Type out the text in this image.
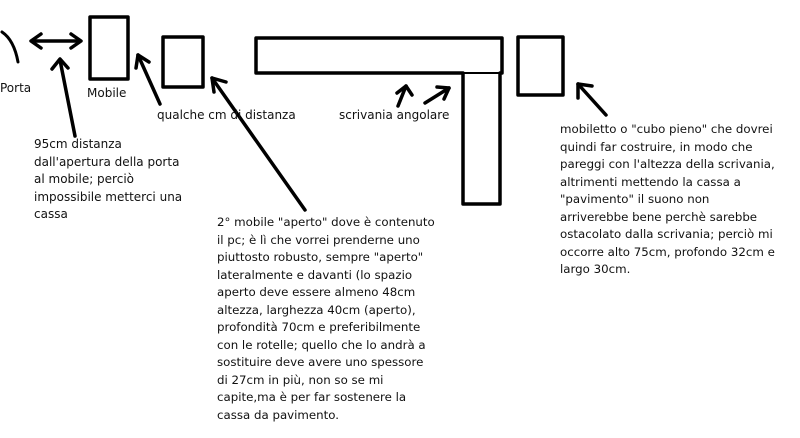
Porta	Mobile
qualche cm di distanza	scrivania angolare
95cm distanza
dall'apertura della porta
al mobile; perciò
impossibile metterci una
cassa
2° mobile "aperto" dove è contenuto
il pc; è lì che vorrei prenderne uno
piuttosto robusto, sempre "aperto"
lateralmente e davanti (lo spazio
aperto deve essere almeno 48cm
altezza, larghezza 40cm (aperto),
profondità 70cm e preferibilmente
con le rotelle; quello che lo andrà a
sostituire deve avere uno spessore
di 27cm in più, non so se mi
capite,ma è per far sostenere la
cassa da pavimento.
mobiletto o "cubo pieno" che dovrei
quindi far costruire, in modo che
pareggi con l'altezza della scrivania,
altrimenti mettendo la cassa a
"pavimento" il suono non
arriverebbe bene perchè sarebbe
ostacolato dalla scrivania; perciò mi
occorre alto 75cm, profondo 32cm e
largo 30cm.
